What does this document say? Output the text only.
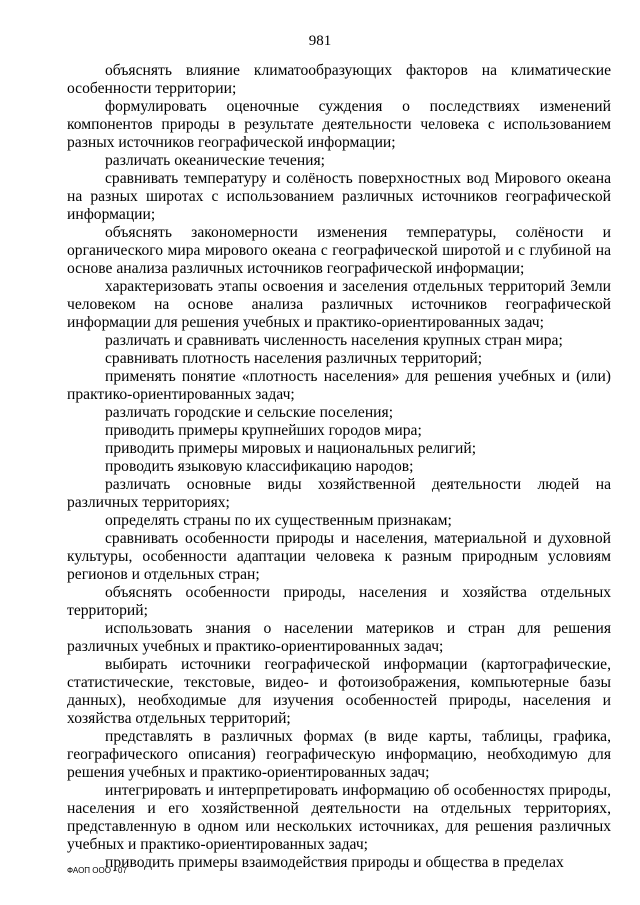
981

объяснять влияние климатообразующих факторов на климатические особенности территории;

формулировать оценочные суждения о последствиях изменений компонентов природы в результате деятельности человека с использованием разных источников географической информации;

различать океанические течения;

сравнивать температуру и солёность поверхностных вод Мирового океана на разных широтах с использованием различных источников географической информации;

объяснять закономерности изменения температуры, солёности и органического мира мирового океана с географической широтой и с глубиной на основе анализа различных источников географической информации;

характеризовать этапы освоения и заселения отдельных территорий Земли человеком на основе анализа различных источников географической информации для решения учебных и практико-ориентированных задач;

различать и сравнивать численность населения крупных стран мира;

сравнивать плотность населения различных территорий;

применять понятие «плотность населения» для решения учебных и (или) практико-ориентированных задач;

различать городские и сельские поселения;

приводить примеры крупнейших городов мира;

приводить примеры мировых и национальных религий;

проводить языковую классификацию народов;

различать основные виды хозяйственной деятельности людей на различных территориях;

определять страны по их существенным признакам;

сравнивать особенности природы и населения, материальной и духовной культуры, особенности адаптации человека к разным природным условиям регионов и отдельных стран;

объяснять особенности природы, населения и хозяйства отдельных территорий;

использовать знания о населении материков и стран для решения различных учебных и практико-ориентированных задач;

выбирать источники географической информации (картографические, статистические, текстовые, видео- и фотоизображения, компьютерные базы данных), необходимые для изучения особенностей природы, населения и хозяйства отдельных территорий;

представлять в различных формах (в виде карты, таблицы, графика, географического описания) географическую информацию, необходимую для решения учебных и практико-ориентированных задач;

интегрировать и интерпретировать информацию об особенностях природы, населения и его хозяйственной деятельности на отдельных территориях, представленную в одном или нескольких источниках, для решения различных учебных и практико-ориентированных задач;

приводить примеры взаимодействия природы и общества в пределах

ФАОП ООО - 07
